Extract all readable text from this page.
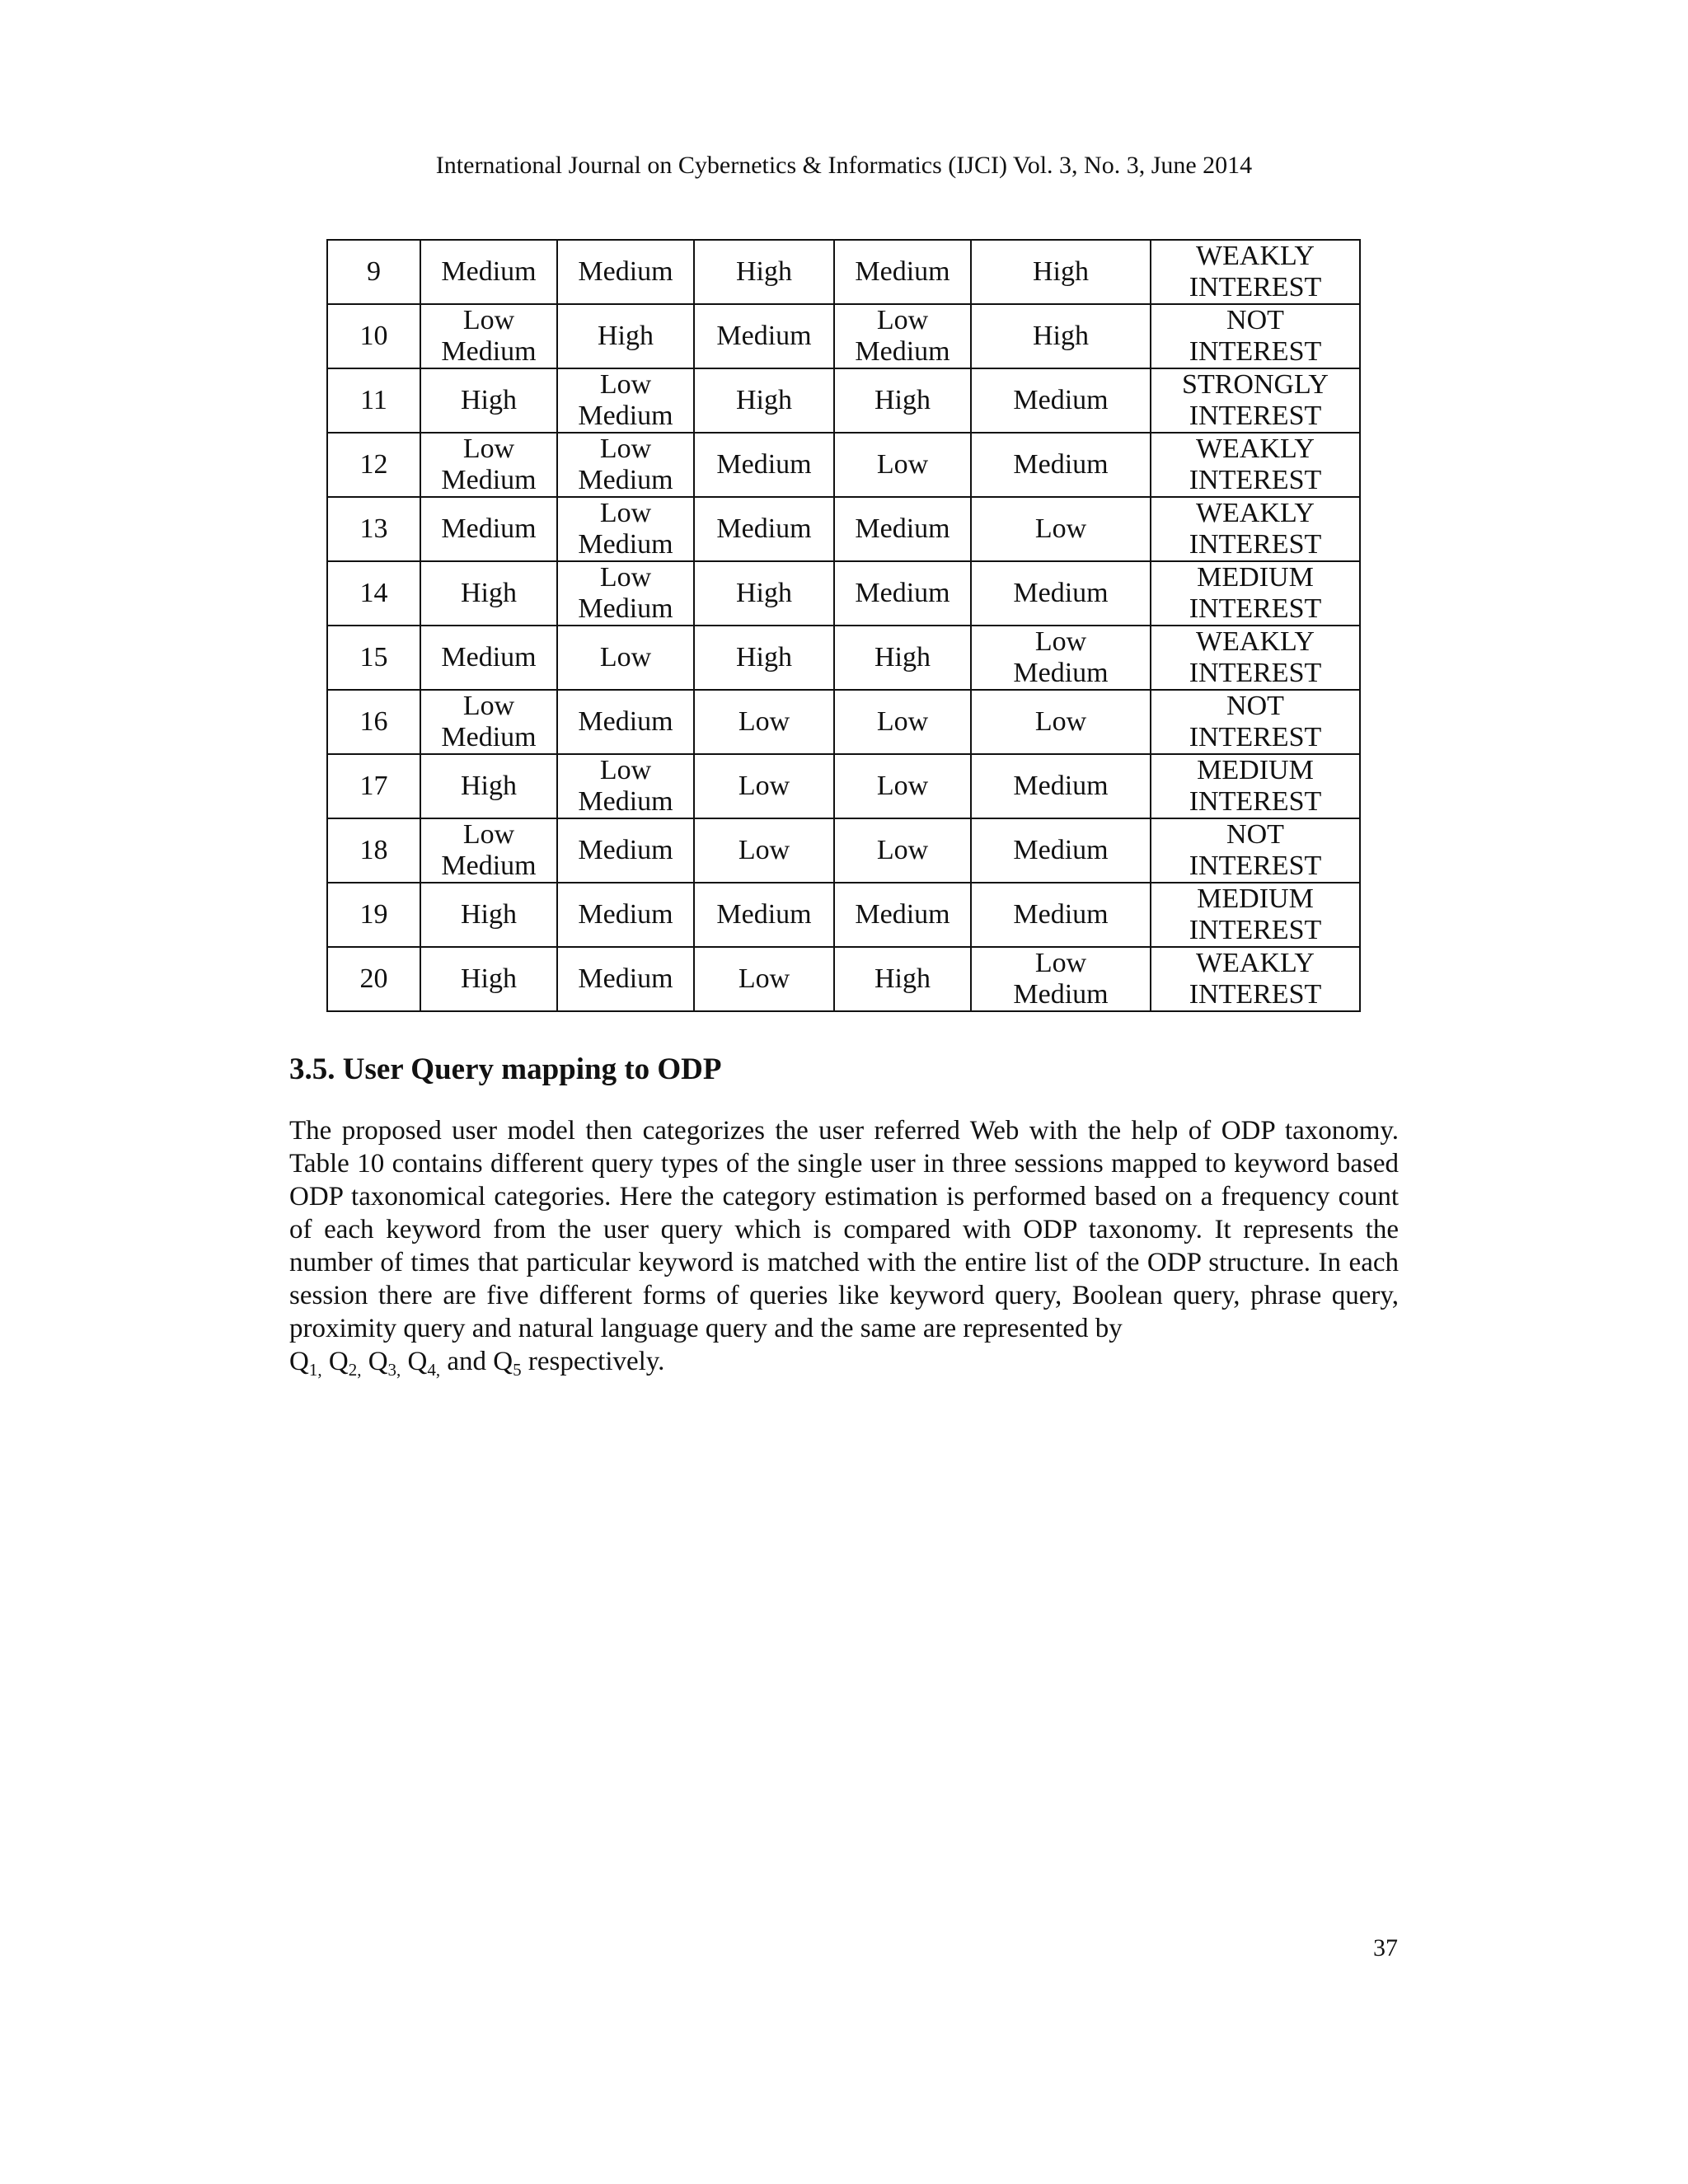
International Journal on Cybernetics & Informatics (IJCI) Vol. 3, No. 3, June 2014
9	Medium	Medium	High	Medium	High	WEAKLY
INTEREST

10	Low
Medium	High	Medium	Low
Medium	High	NOT
INTEREST

11	High	Low
Medium	High	High	Medium	STRONGLY
INTEREST

12	Low
Medium	Low
Medium	Medium	Low	Medium	WEAKLY
INTEREST

13	Medium	Low
Medium	Medium	Medium	Low	WEAKLY
INTEREST

14	High	Low
Medium	High	Medium	Medium	MEDIUM
INTEREST

15	Medium	Low	High	High	Low
Medium	WEAKLY
INTEREST

16	Low
Medium	Medium	Low	Low	Low	NOT
INTEREST

17	High	Low
Medium	Low	Low	Medium	MEDIUM
INTEREST

18	Low
Medium	Medium	Low	Low	Medium	NOT
INTEREST

19	High	Medium	Medium	Medium	Medium	MEDIUM
INTEREST

20	High	Medium	Low	High	Low
Medium	WEAKLY
INTEREST
3.5. User Query mapping to ODP

The proposed user model then categorizes the user referred Web with the help of ODP taxonomy. Table 10 contains different query types of the single user in three sessions mapped to keyword based ODP taxonomical categories. Here the category estimation is performed based on a frequency count of each keyword from the user query which is compared with ODP taxonomy. It represents the number of times that particular keyword is matched with the entire list of the ODP structure. In each session there are five different forms of queries like keyword query, Boolean query, phrase query, proximity query and natural language query and the same are represented by
$Q_{1,}$ $Q_{2,}$ $Q_{3,}$ $Q_{4,}$ and $Q_5$ respectively.

37
